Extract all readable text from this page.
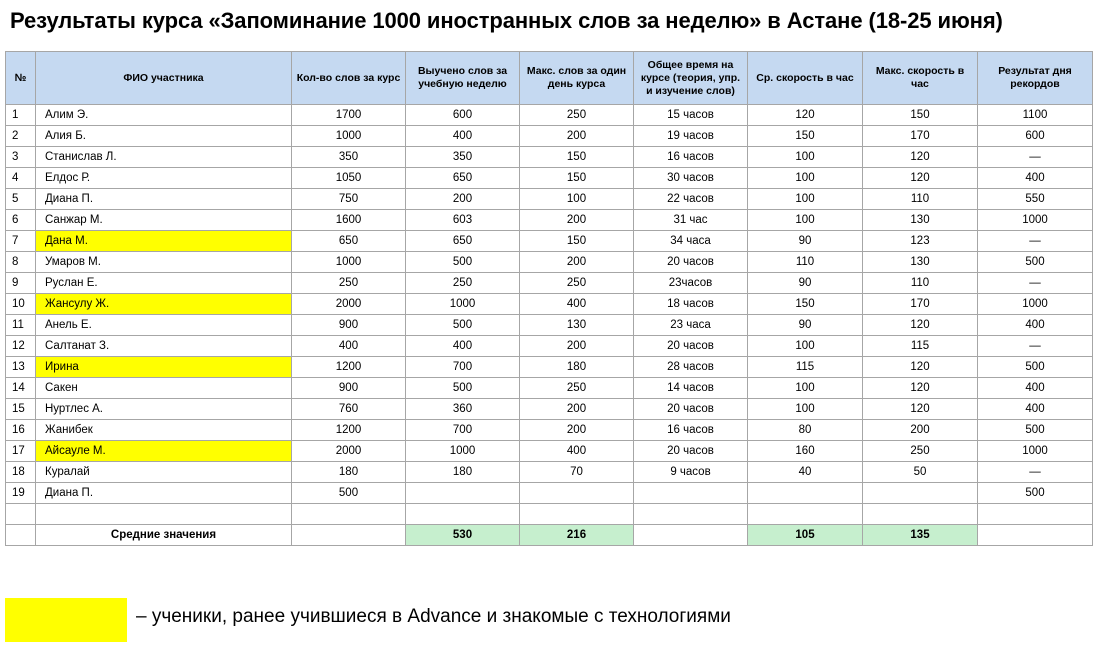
Результаты курса «Запоминание 1000 иностранных слов за неделю» в Астане (18-25 июня)
№	ФИО участника	Кол-во слов за курс	Выучено слов за учебную неделю	Макс. слов за один день курса	Общее время на курсе (теория, упр. и изучение слов)	Ср. скорость в час	Макс. скорость в час	Результат дня рекордов
1	Алим Э.	1700	600	250	15 часов	120	150	1100
2	Алия Б.	1000	400	200	19 часов	150	170	600
3	Станислав Л.	350	350	150	16 часов	100	120	—
4	Елдос Р.	1050	650	150	30 часов	100	120	400
5	Диана П.	750	200	100	22 часов	100	110	550
6	Санжар М.	1600	603	200	31 час	100	130	1000
7	Дана М.	650	650	150	34 часа	90	123	—
8	Умаров М.	1000	500	200	20 часов	110	130	500
9	Руслан Е.	250	250	250	23часов	90	110	—
10	Жансулу Ж.	2000	1000	400	18 часов	150	170	1000
11	Анель Е.	900	500	130	23 часа	90	120	400
12	Салтанат З.	400	400	200	20 часов	100	115	—
13	Ирина	1200	700	180	28 часов	115	120	500
14	Сакен	900	500	250	14 часов	100	120	400
15	Нуртлес А.	760	360	200	20 часов	100	120	400
16	Жанибек	1200	700	200	16 часов	80	200	500
17	Айсауле М.	2000	1000	400	20 часов	160	250	1000
18	Куралай	180	180	70	9 часов	40	50	—
19	Диана П.	500						500

	Средние значения		530	216		105	135	
– ученики, ранее учившиеся в Advance и знакомые с технологиями
